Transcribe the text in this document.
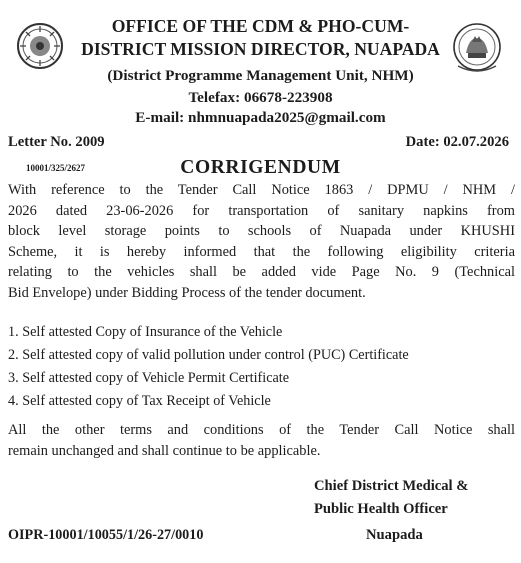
OFFICE OF THE CDM & PHO-CUM-
DISTRICT MISSION DIRECTOR, NUAPADA
(District Programme Management Unit, NHM)
Telefax: 06678-223908
E-mail: nhmnuapada2025@gmail.com
Letter No. 2009	Date: 02.07.2026
10001/325/2627	CORRIGENDUM
With reference to the Tender Call Notice 1863 / DPMU / NHM /
2026 dated 23-06-2026 for transportation of sanitary napkins from
block level storage points to schools of Nuapada under KHUSHI
Scheme, it is hereby informed that the following eligibility criteria
relating to the vehicles shall be added vide Page No. 9 (Technical
Bid Envelope) under Bidding Process of the tender document.
1. Self attested Copy of Insurance of the Vehicle
2. Self attested copy of valid pollution under control (PUC) Certificate
3. Self attested copy of Vehicle Permit Certificate
4. Self attested copy of Tax Receipt of Vehicle
All the other terms and conditions of the Tender Call Notice shall
remain unchanged and shall continue to be applicable.
Chief District Medical &
Public Health Officer
Nuapada
OIPR-10001/10055/1/26-27/0010
